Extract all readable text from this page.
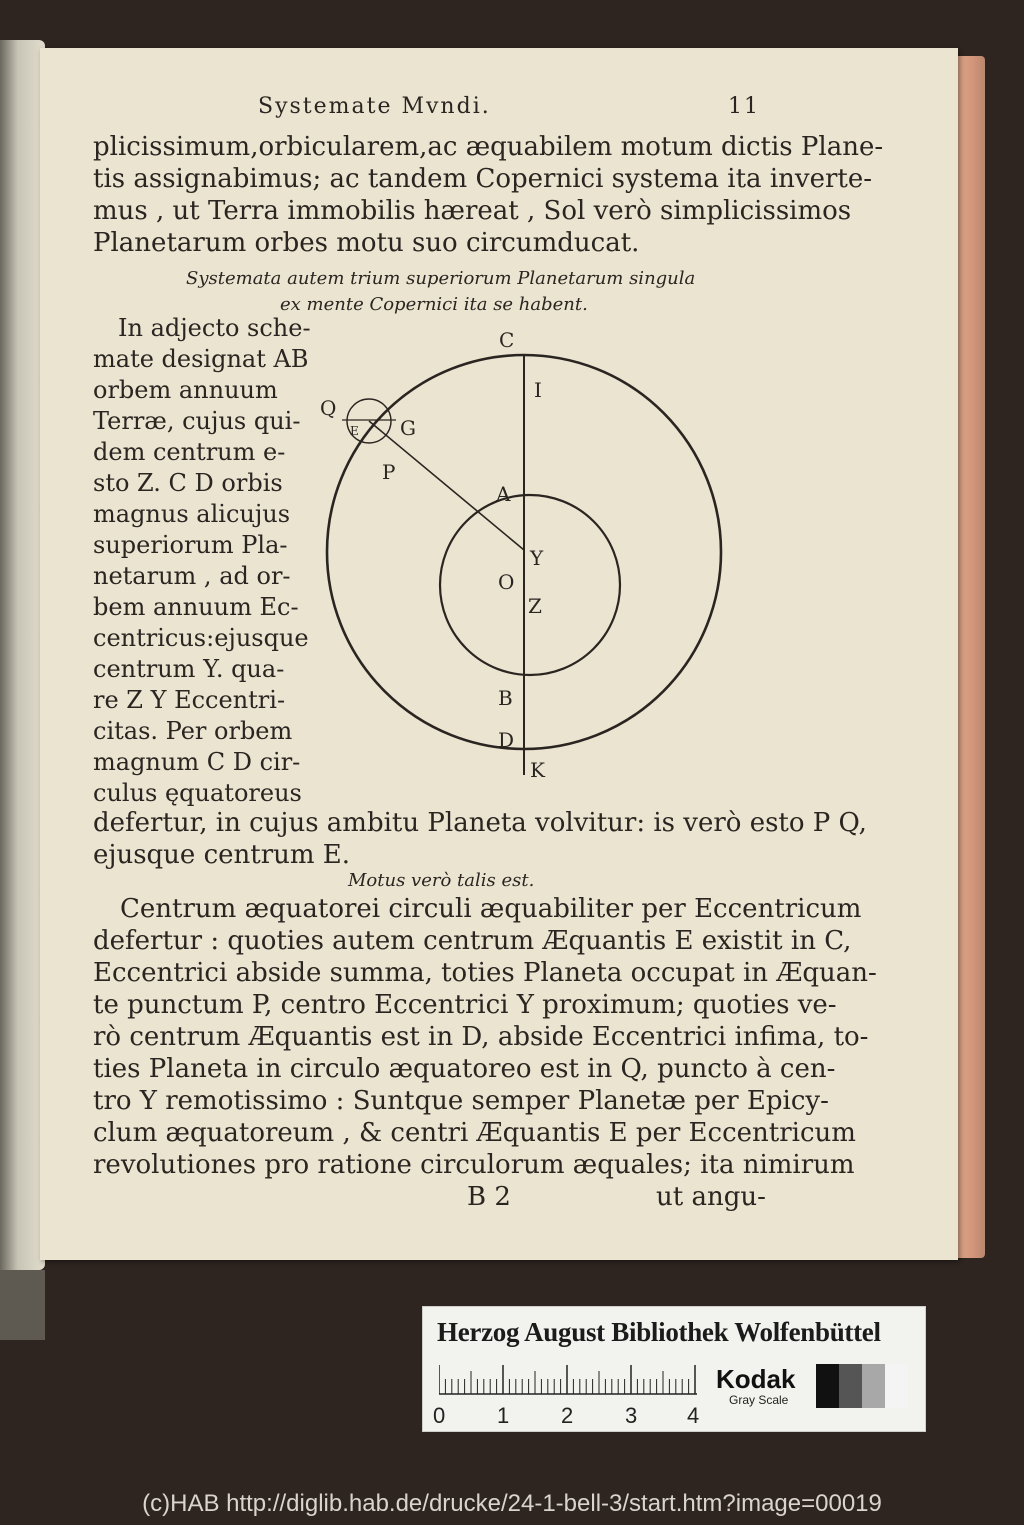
Systemate Mvndi.	11
plicissimum,orbicularem,ac æquabilem motum dictis Plane-
tis assignabimus; ac tandem Copernici systema ita inverte-
mus , ut Terra immobilis hæreat , Sol verò simplicissimos
Planetarum orbes motu suo circumducat.
Systemata autem trium superiorum Planetarum singula
ex mente Copernici ita se habent.
In adjecto sche-
mate designat AB
orbem annuum
Terræ, cujus qui-
dem centrum e-
sto Z. C D orbis
magnus alicujus
superiorum Pla-
netarum , ad or-
bem annuum Ec-
centricus:ejusque
centrum Y. qua-
re Z Y Eccentri-
citas. Per orbem
magnum C D cir-
culus ęquatoreus
C
I
Q
E G
P
A
Y
O
Z
B
D
K
defertur, in cujus ambitu Planeta volvitur: is verò esto P Q,
ejusque centrum E.
Motus verò talis est.
Centrum æquatorei circuli æquabiliter per Eccentricum
defertur : quoties autem centrum Æquantis E existit in C,
Eccentrici abside summa, toties Planeta occupat in Æquan-
te punctum P, centro Eccentrici Y proximum; quoties ve-
rò centrum Æquantis est in D, abside Eccentrici infima, to-
ties Planeta in circulo æquatoreo est in Q, puncto à cen-
tro Y remotissimo : Suntque semper Planetæ per Epicy-
clum æquatoreum , & centri Æquantis E per Eccentricum
revolutiones pro ratione circulorum æquales; ita nimirum
B 2	ut angu-
Herzog August Bibliothek Wolfenbüttel
0 1 2 3 4
Kodak
Gray Scale
(c)HAB http://diglib.hab.de/drucke/24-1-bell-3/start.htm?image=00019
